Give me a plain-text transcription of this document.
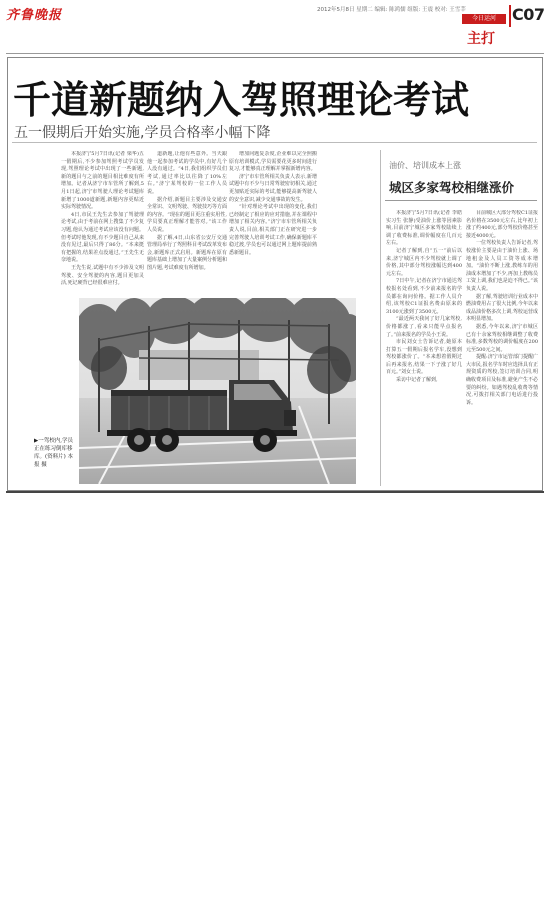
齐鲁晚报	2012年5月8日 星期二 编辑: 陈鸿儒 组版: 王震 校对: 王雪莘
今日运河
主打
C07
千道新题纳入驾照理论考试
五一假期后开始实施,学员合格率小幅下降

本报济宁5月7日讯(记者 梁华)五一假期后,不少参加驾照考试学员发现,驾照理论考试中出现了一些新题,新的题目与之前的题目相比难度有所增加。记者从济宁市车管所了解到,5月1日起,济宁市驾驶人理论考试题库新增了1000道新题,新题内容更贴近实际驾驶情况。

4日,市民王先生去参加了驾驶理论考试,由于考前在网上搜集了不少复习题,他认为通过考试应该没有问题。但考试时他发现,有不少题目自己从来没有见过,最后只得了86分。“本来挺有把握的,结果差点没通过。”王先生无奈地说。

王先生说,试题中有不少涉及文明驾驶、安全驾驶的内容,题目更加灵活,死记硬背已经很难应付。

道新题,让他有些意外。当天跟他一起参加考试的学员中,有好几个人没有通过。“4日,我们组织学员们考试,通过率比以往降了10%左右。”济宁某驾校的一位工作人员说。

据介绍,新题目主要涉及交通安全常识、文明驾驶、驾驶技巧等方面的内容。“现在的题目更注重实用性,学员要真正理解才能答对。”该工作人员说。

据了解,4日,山东省公安厅交通管理局举行了驾照科目考试改革发布会,新题库正式启用。新题库在原有题库基础上增加了大量案例分析题和图片题,考试难度有所增加。

增加问题复杂度,企业难以完全照搬原有培训模式,学员需要花更多时间进行复习,才能够真正理解并掌握新增内容。

济宁市车管所相关负责人表示,新增试题中有不少与日常驾驶密切相关,通过更加贴近实际的考试,能够提高新驾驶人的安全意识,减少交通事故的发生。

“针对理论考试中出现的变化,我们已经制定了相应的应对措施,并在课程中增加了相关内容。”济宁市车管所相关负责人说,目前,相关部门正在研究进一步完善驾驶人培训考试工作,确保新题库平稳过渡,学员也可以通过网上题库提前熟悉新题目。

▶一驾校内,学员正在练习倒库移库。(资料片) 本报 摄
油价、培训成本上涨
城区多家驾校相继涨价

本报济宁5月7日讯(记者 李皓 实习生 张静)受油价上涨等因素影响,目前济宁城区多家驾校陆续上调了收费标准,调价幅度在几百元左右。

记者了解到,自“五一”前后以来,济宁城区内不少驾校就上调了价格,其中部分驾校涨幅达到400元左右。

7日中午,记者在济宁市通达驾校报名处看到,不少前来报名的学员都在询问价格。据工作人员介绍,该驾校C1证报名费由原来的3100元涨到了3500元。

“最近两天我问了好几家驾校,价格都涨了,看来只能早点报名了。”前来报名的学员小王说。

市民刘女士告诉记者,她原本打算五一假期后报名学车,没想到驾校都涨价了。“本来想着假期过后再来报名,结果一下子涨了好几百元。”刘女士说。

采访中记者了解到,

目前城区大部分驾校C1证报名价格在3500元左右,比年初上涨了约400元,部分驾校价格甚至接近4000元。

一位驾校负责人告诉记者,驾校涨价主要是由于油价上涨、场地租金及人员工资等成本增加。“油价不断上涨,教练车的用油成本增加了不少,再加上教练员工资上调,我们也是迫不得已。”该负责人说。

据了解,驾驶培训行业成本中燃油费用占了很大比例,今年以来成品油价格多次上调,驾校运营成本明显增加。

据悉,今年以来,济宁市城区已有十余家驾校相继调整了收费标准,多数驾校的调价幅度在200元至500元之间。

提醒:济宁市运管部门提醒广大市民,报名学车时应选择具有正规资质的驾校,签订培训合同,明确收费项目及标准,避免产生不必要的纠纷。如遇驾校乱收费等情况,可拨打相关部门电话进行投诉。
